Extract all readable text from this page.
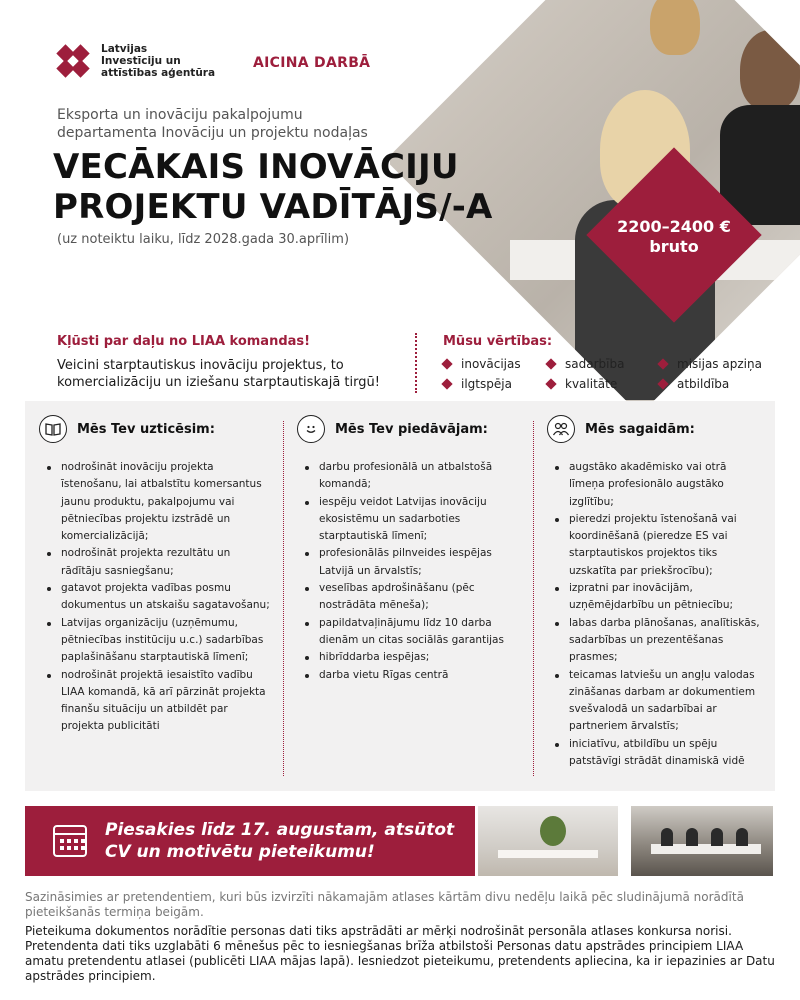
Latvijas
Investīciju un
attīstības aģentūra
AICINA DARBĀ
2200–2400 €
bruto
Eksporta un inovāciju pakalpojumu
departamenta Inovāciju un projektu nodaļas
VECĀKAIS INOVĀCIJU
PROJEKTU VADĪTĀJS/-A
(uz noteiktu laiku, līdz 2028.gada 30.aprīlim)
Kļūsti par daļu no LIAA komandas!
Veicini starptautiskus inovāciju projektus, to komercializāciju un iziešanu starptautiskajā tirgū!
Mūsu vērtības:
inovācijas	sadarbība	misijas apziņa
ilgtspēja	kvalitāte	atbildība
Mēs Tev uzticēsim:
nodrošināt inovāciju projekta īstenošanu, lai atbalstītu komersantus jaunu produktu, pakalpojumu vai pētniecības projektu izstrādē un komercializācijā;
nodrošināt projekta rezultātu un rādītāju sasniegšanu;
gatavot projekta vadības posmu dokumentus un atskaišu sagatavošanu;
Latvijas organizāciju (uzņēmumu, pētniecības institūciju u.c.) sadarbības paplašināšanu starptautiskā līmenī;
nodrošināt projektā iesaistīto vadību LIAA komandā, kā arī pārzināt projekta finanšu situāciju un atbildēt par projekta publicitāti
Mēs Tev piedāvājam:
darbu profesionālā un atbalstošā komandā;
iespēju veidot Latvijas inovāciju ekosistēmu un sadarboties starptautiskā līmenī;
profesionālās pilnveides iespējas Latvijā un ārvalstīs;
veselības apdrošināšanu (pēc nostrādāta mēneša);
papildatvaļinājumu līdz 10 darba dienām un citas sociālās garantijas
hibrīddarba iespējas;
darba vietu Rīgas centrā
Mēs sagaidām:
augstāko akadēmisko vai otrā līmeņa profesionālo augstāko izglītību;
pieredzi projektu īstenošanā vai koordinēšanā (pieredze ES vai starptautiskos projektos tiks uzskatīta par priekšrocību);
izpratni par inovācijām, uzņēmējdarbību un pētniecību;
labas darba plānošanas, analītiskās, sadarbības un prezentēšanas prasmes;
teicamas latviešu un angļu valodas zināšanas darbam ar dokumentiem svešvalodā un sadarbībai ar partneriem ārvalstīs;
iniciatīvu, atbildību un spēju patstāvīgi strādāt dinamiskā vidē
Piesakies līdz 17. augustam, atsūtot
CV un motivētu pieteikumu!
Sazināsimies ar pretendentiem, kuri būs izvirzīti nākamajām atlases kārtām divu nedēļu laikā pēc sludinājumā norādītā pieteikšanās termiņa beigām.
Pieteikuma dokumentos norādītie personas dati tiks apstrādāti ar mērķi nodrošināt personāla atlases konkursa norisi. Pretendenta dati tiks uzglabāti 6 mēnešus pēc to iesniegšanas brīža atbilstoši Personas datu apstrādes principiem LIAA amatu pretendentu atlasei (publicēti LIAA mājas lapā). Iesniedzot pieteikumu, pretendents apliecina, ka ir iepazinies ar Datu apstrādes principiem.
